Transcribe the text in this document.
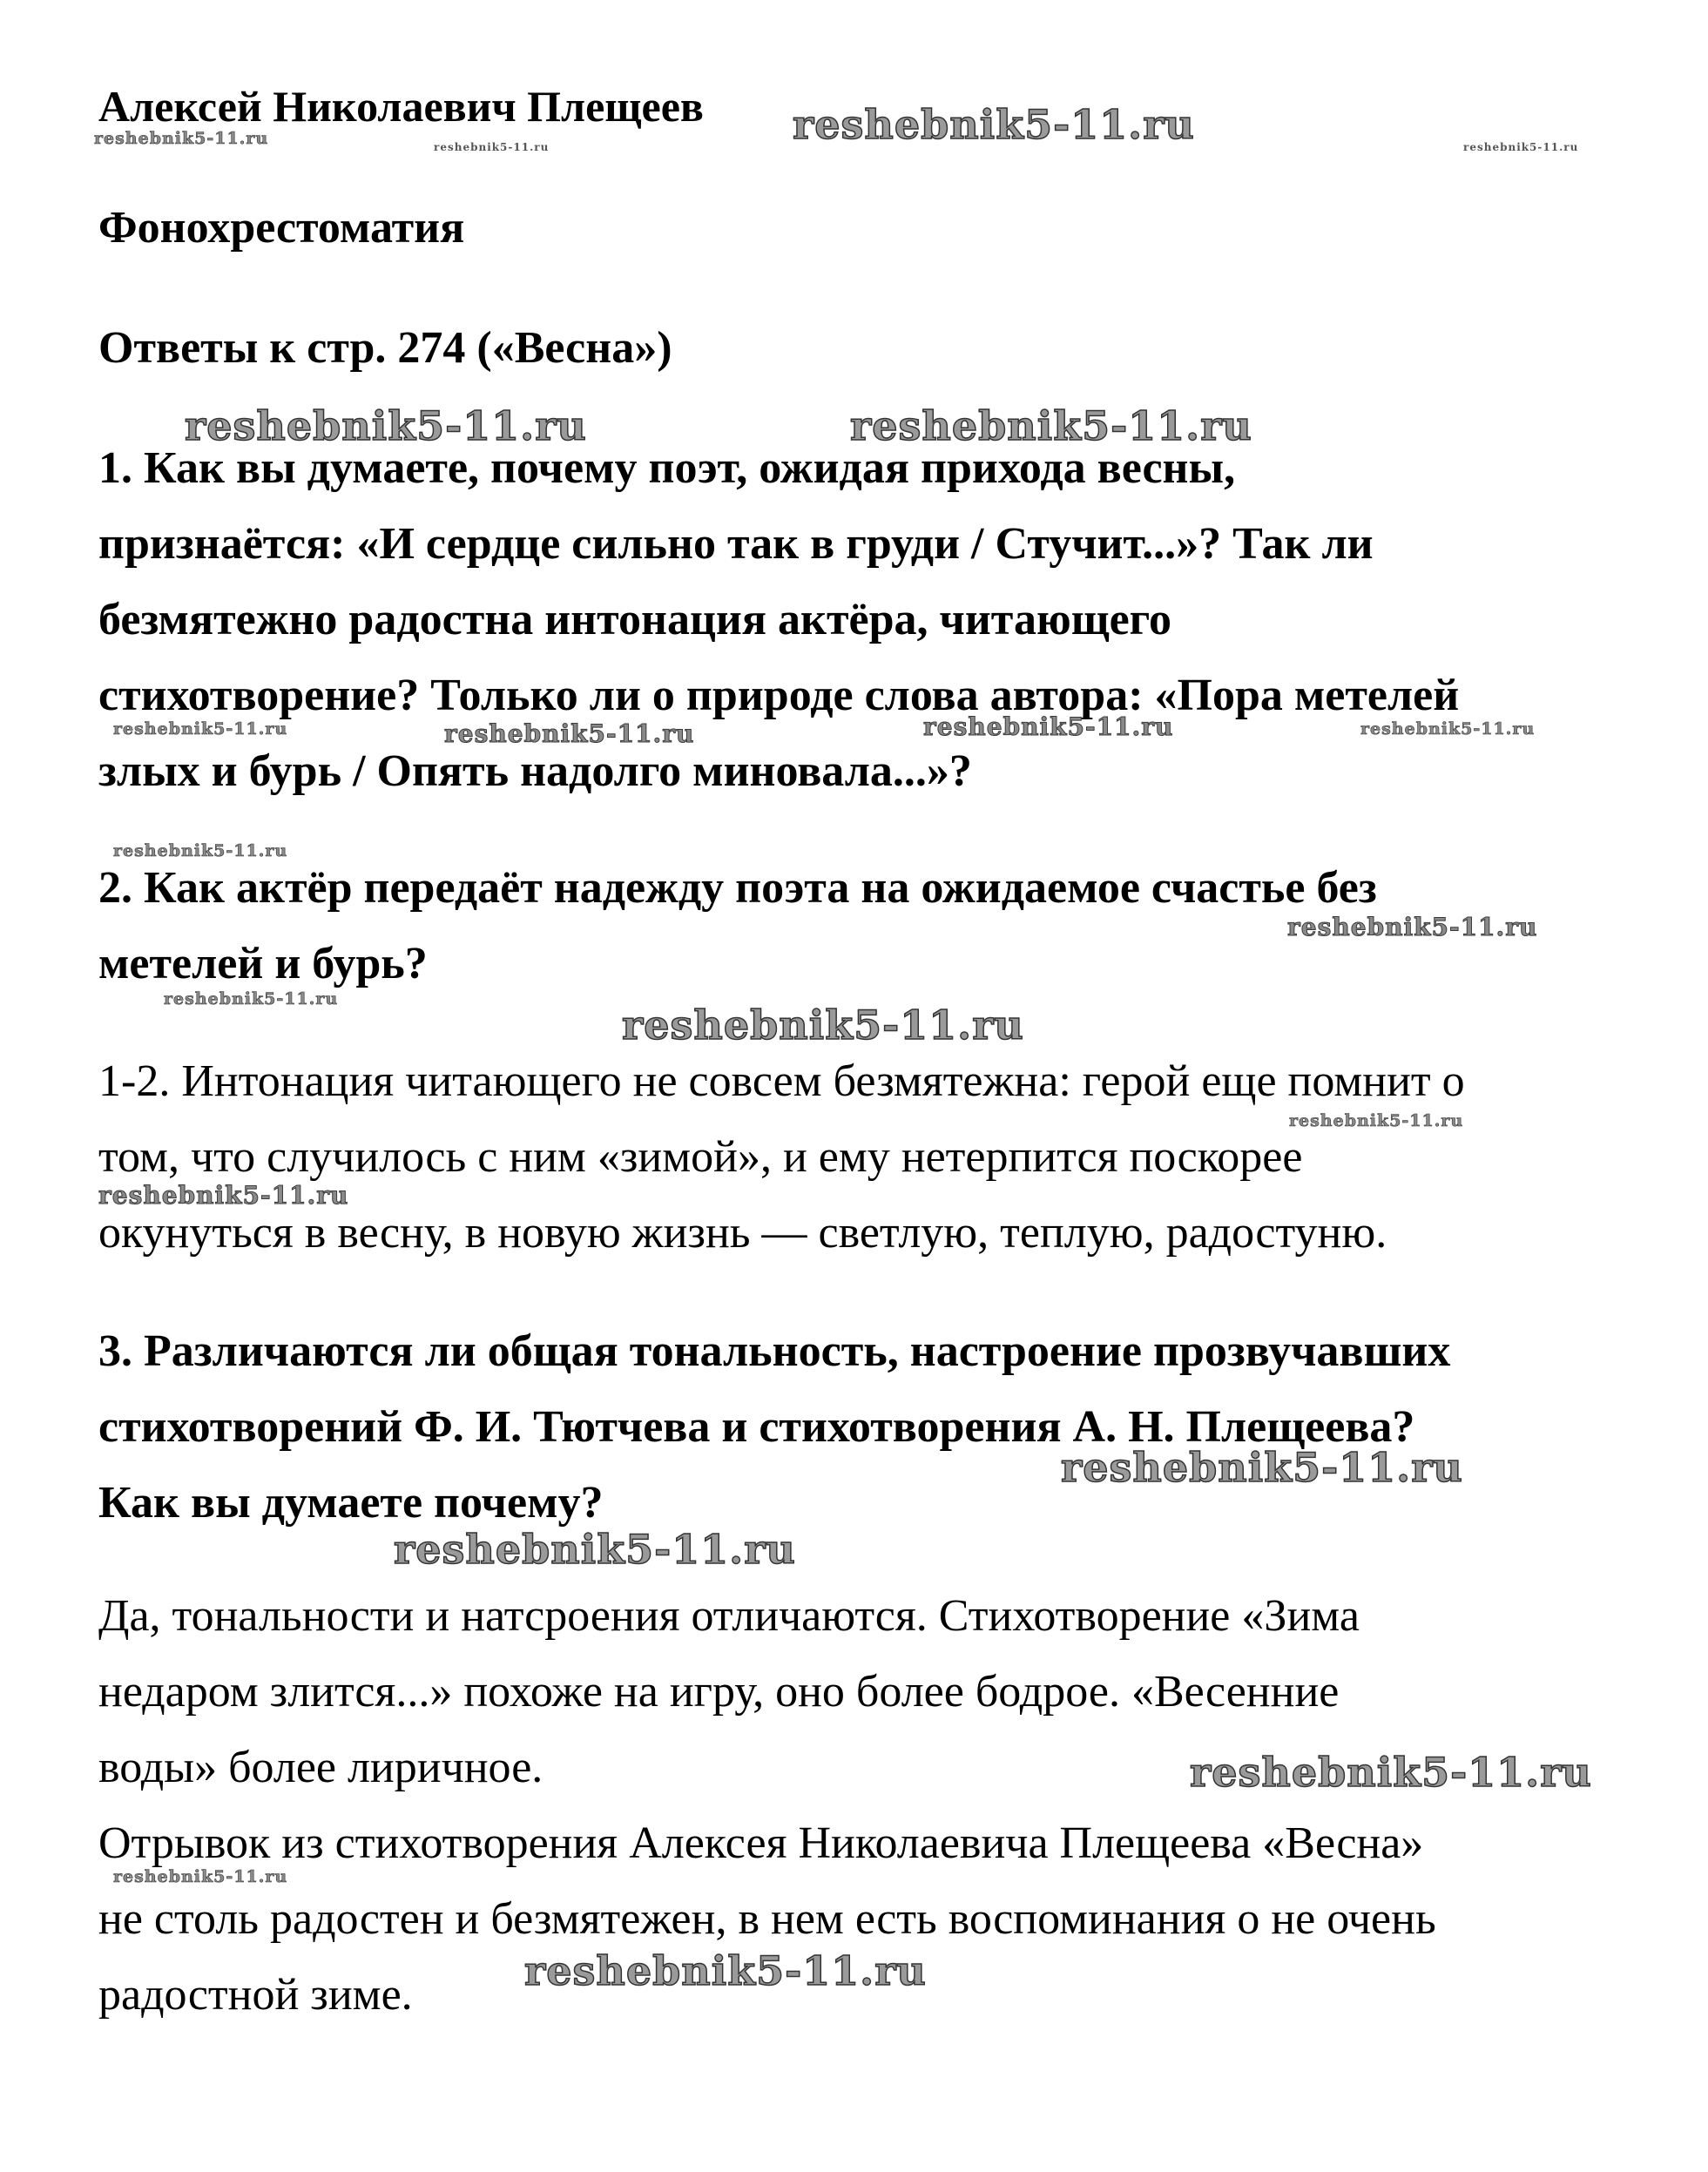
Алексей Николаевич Плещеев
Фонохрестоматия
Ответы к стр. 274 («Весна»)
1. Как вы думаете, почему поэт, ожидая прихода весны,
признаётся: «И сердце сильно так в груди / Стучит...»? Так ли
безмятежно радостна интонация актёра, читающего
стихотворение? Только ли о природе слова автора: «Пора метелей
злых и бурь / Опять надолго миновала...»?
2. Как актёр передаёт надежду поэта на ожидаемое счастье без
метелей и бурь?
1-2. Интонация читающего не совсем безмятежна: герой еще помнит о
том, что случилось с ним «зимой», и ему нетерпится поскорее
окунуться в весну, в новую жизнь — светлую, теплую, радостуню.
3. Различаются ли общая тональность, настроение прозвучавших
стихотворений Ф. И. Тютчева и стихотворения А. Н. Плещеева?
Как вы думаете почему?
Да, тональности и натсроения отличаются. Стихотворение «Зима
недаром злится...» похоже на игру, оно более бодрое. «Весенние
воды» более лиричное.
Отрывок из стихотворения Алексея Николаевича Плещеева «Весна»
не столь радостен и безмятежен, в нем есть воспоминания о не очень
радостной зиме.
reshebnik5-11.ru
reshebnik5-11.ru	reshebnik5-11.ru	reshebnik5-11.ru
reshebnik5-11.ru	reshebnik5-11.ru
reshebnik5-11.ru	reshebnik5-11.ru	reshebnik5-11.ru	reshebnik5-11.ru
reshebnik5-11.ru
reshebnik5-11.ru
reshebnik5-11.ru
reshebnik5-11.ru
reshebnik5-11.ru
reshebnik5-11.ru
reshebnik5-11.ru
reshebnik5-11.ru
reshebnik5-11.ru
reshebnik5-11.ru
reshebnik5-11.ru
